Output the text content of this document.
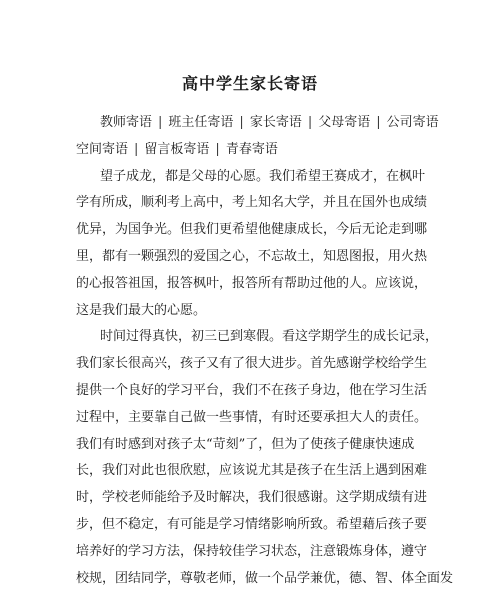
高中学生家长寄语
教师寄语 | 班主任寄语 | 家长寄语 | 父母寄语 | 公司寄语
空间寄语 | 留言板寄语 | 青春寄语
望子成龙，都是父母的心愿。我们希望王赛成才，在枫叶
学有所成，顺利考上高中，考上知名大学，并且在国外也成绩
优异，为国争光。但我们更希望他健康成长，今后无论走到哪
里，都有一颗强烈的爱国之心，不忘故土，知恩图报，用火热
的心报答祖国，报答枫叶，报答所有帮助过他的人。应该说，
这是我们最大的心愿。
时间过得真快，初三已到寒假。看这学期学生的成长记录，
我们家长很高兴，孩子又有了很大进步。首先感谢学校给学生
提供一个良好的学习平台，我们不在孩子身边，他在学习生活
过程中，主要靠自己做一些事情，有时还要承担大人的责任。
我们有时感到对孩子太“苛刻”了，但为了使孩子健康快速成
长，我们对此也很欣慰，应该说尤其是孩子在生活上遇到困难
时，学校老师能给予及时解决，我们很感谢。这学期成绩有进
步，但不稳定，有可能是学习情绪影响所致。希望藉后孩子要
培养好的学习方法，保持较佳学习状态，注意锻炼身体，遵守
校规，团结同学，尊敬老师，做一个品学兼优，德、智、体全面发
